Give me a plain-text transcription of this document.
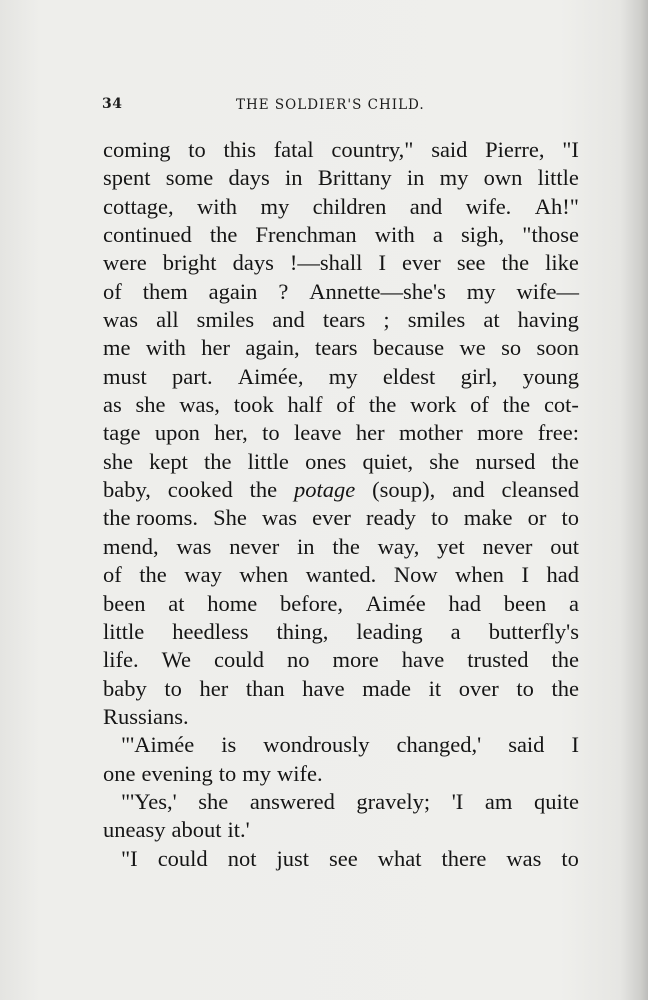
34	THE SOLDIER'S CHILD.
coming to this fatal country," said Pierre, "I
spent some days in Brittany in my own little
cottage, with my children and wife. Ah!"
continued the Frenchman with a sigh, "those
were bright days !—shall I ever see the like
of them again ? Annette—she's my wife—
was all smiles and tears ; smiles at having
me with her again, tears because we so soon
must part. Aimée, my eldest girl, young
as she was, took half of the work of the cot-
tage upon her, to leave her mother more free:
she kept the little ones quiet, she nursed the
baby, cooked the potage (soup), and cleansed
the rooms. She was ever ready to make or to
mend, was never in the way, yet never out
of the way when wanted. Now when I had
been at home before, Aimée had been a
little heedless thing, leading a butterfly's
life. We could no more have trusted the
baby to her than have made it over to the
Russians.
"'Aimée is wondrously changed,' said I
one evening to my wife.
"'Yes,' she answered gravely; 'I am quite
uneasy about it.'
"I could not just see what there was to
